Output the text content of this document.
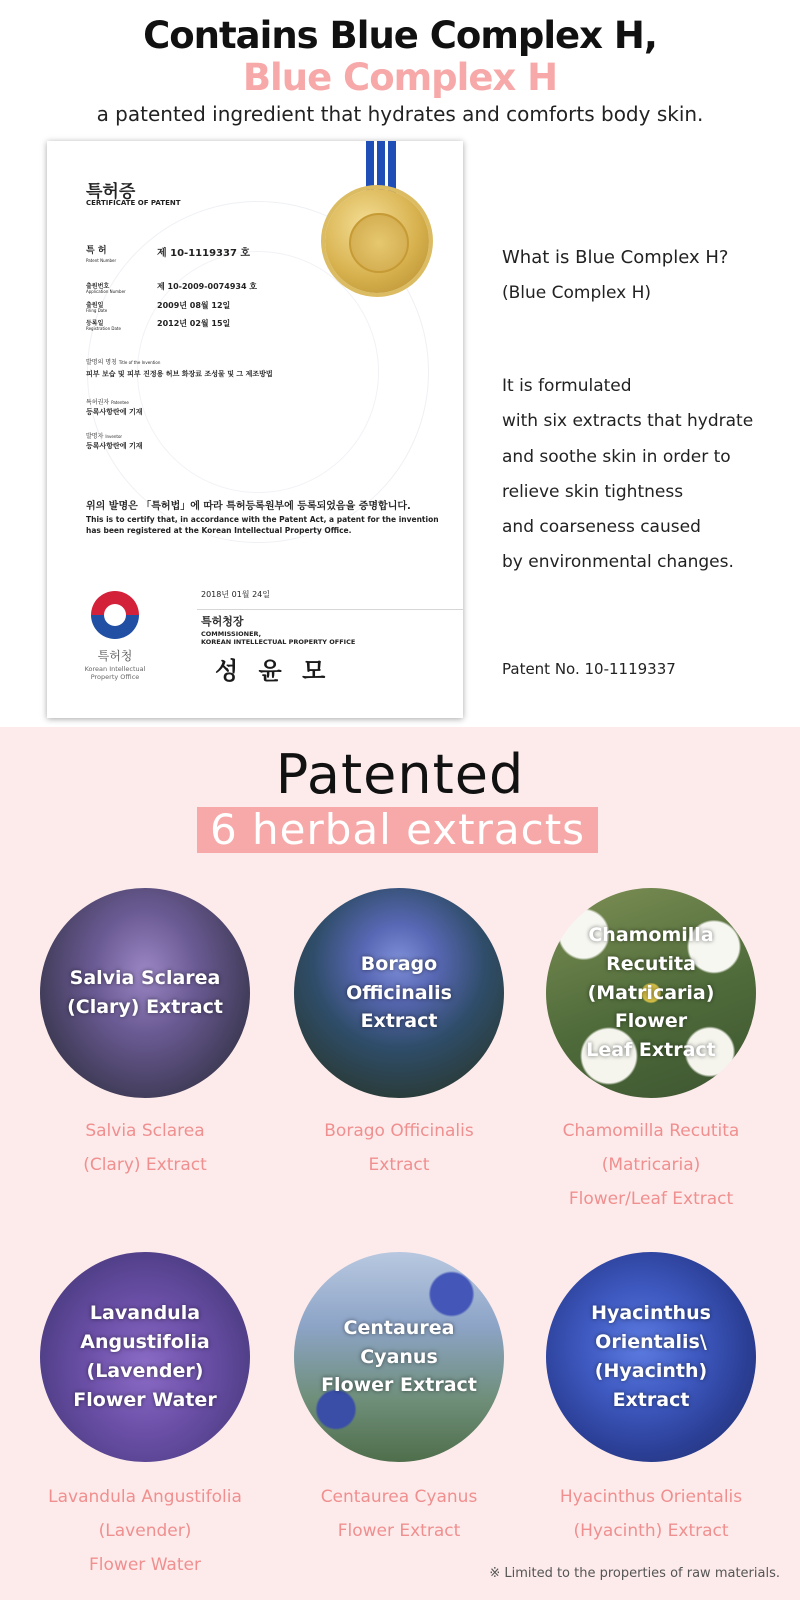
Contains Blue Complex H,
Blue Complex H
a patented ingredient that hydrates and comforts body skin.
특허증
CERTIFICATE OF PATENT
특 허
Patent Number
제 10-1119337 호
출원번호
Application Number
제 10-2009-0074934 호
출원일
Filing Date
2009년 08월 12일
등록일
Registration Date
2012년 02월 15일
발명의 명칭 Title of the Invention
피부 보습 및 피부 진정용 허브 화장료 조성물 및 그 제조방법
특허권자 Patentee
등록사항란에 기재
발명자 Inventor
등록사항란에 기재
위의 발명은 「특허법」에 따라 특허등록원부에 등록되었음을 증명합니다.
This is to certify that, in accordance with the Patent Act, a patent for the invention has been registered at the Korean Intellectual Property Office.
특허청
Korean Intellectual Property Office
2018년 01월 24일
특허청장
COMMISSIONER,
KOREAN INTELLECTUAL PROPERTY OFFICE
성 윤 모
What is Blue Complex H?
(Blue Complex H)
It is formulated
with six extracts that hydrate
and soothe skin in order to
relieve skin tightness
and coarseness caused
by environmental changes.
Patent No. 10-1119337
Patented
6 herbal extracts
Salvia Sclarea
(Clary) Extract
Salvia Sclarea
(Clary) Extract
Borago
Officinalis
Extract
Borago Officinalis
Extract
Chamomilla
Recutita
(Matricaria)
Flower
Leaf Extract
Chamomilla Recutita
(Matricaria)
Flower/Leaf Extract
Lavandula
Angustifolia
(Lavender)
Flower Water
Lavandula Angustifolia
(Lavender)
Flower Water
Centaurea
Cyanus
Flower Extract
Centaurea Cyanus
Flower Extract
Hyacinthus
Orientalis\
(Hyacinth)
Extract
Hyacinthus Orientalis
(Hyacinth) Extract
※ Limited to the properties of raw materials.
